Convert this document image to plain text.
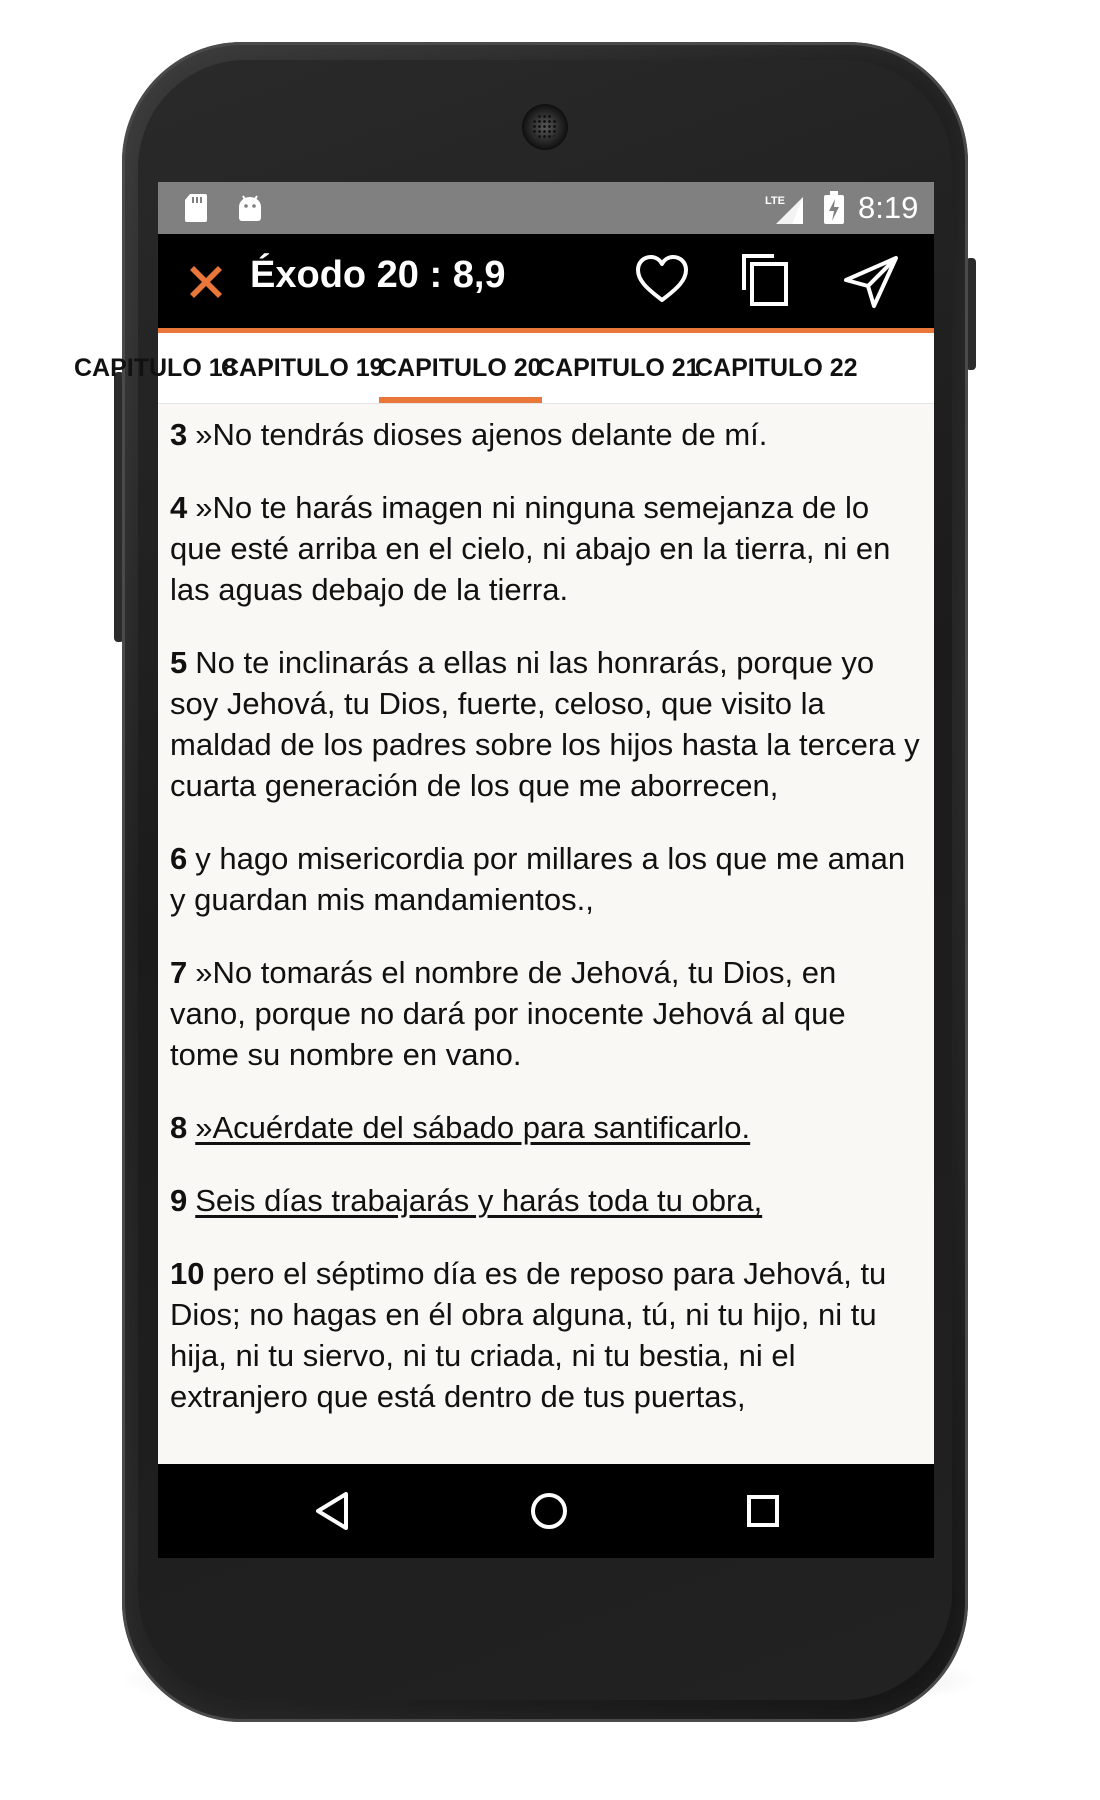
LTE 8:19
Éxodo 20 : 8,9
CAPITULO 18
CAPITULO 19
CAPITULO 20
CAPITULO 21
CAPITULO 22

3 »No tendrás dioses ajenos delante de mí.

4 »No te harás imagen ni ninguna semejanza de lo que esté arriba en el cielo, ni abajo en la tierra, ni en las aguas debajo de la tierra.

5 No te inclinarás a ellas ni las honrarás, porque yo soy Jehová, tu Dios, fuerte, celoso, que visito la maldad de los padres sobre los hijos hasta la tercera y cuarta generación de los que me aborrecen,

6 y hago misericordia por millares a los que me aman y guardan mis mandamientos.,

7 »No tomarás el nombre de Jehová, tu Dios, en vano, porque no dará por inocente Jehová al que tome su nombre en vano.

8 »Acuérdate del sábado para santificarlo.

9 Seis días trabajarás y harás toda tu obra,

10 pero el séptimo día es de reposo para Jehová, tu Dios; no hagas en él obra alguna, tú, ni tu hijo, ni tu hija, ni tu siervo, ni tu criada, ni tu bestia, ni el extranjero que está dentro de tus puertas,
